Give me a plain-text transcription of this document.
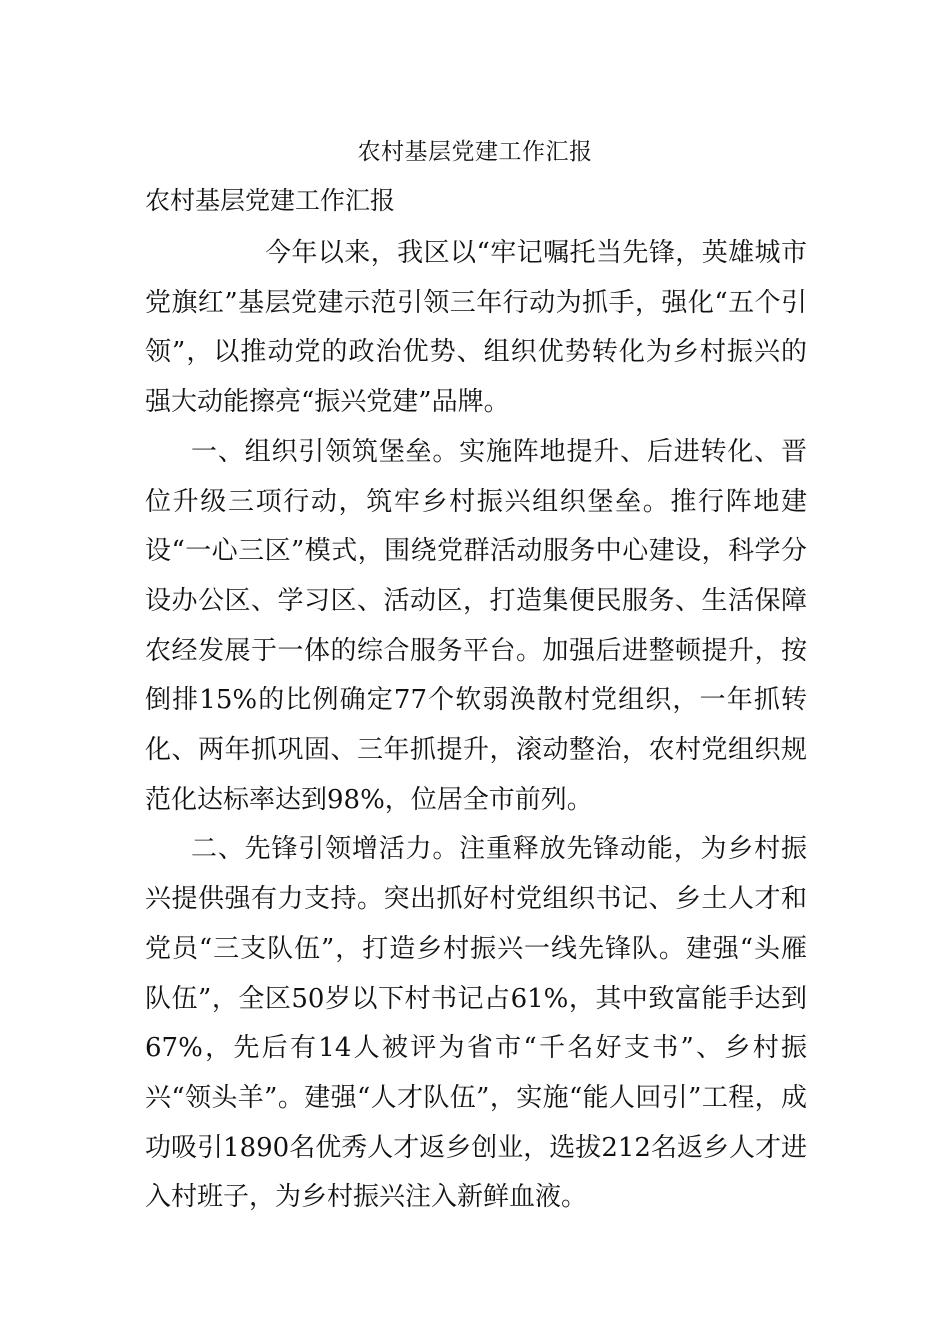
农村基层党建工作汇报
农村基层党建工作汇报

今年以来，我区以“牢记嘱托当先锋，英雄城市党旗红”基层党建示范引领三年行动为抓手，强化“五个引领”，以推动党的政治优势、组织优势转化为乡村振兴的强大动能擦亮“振兴党建”品牌。

一、组织引领筑堡垒。实施阵地提升、后进转化、晋位升级三项行动，筑牢乡村振兴组织堡垒。推行阵地建设“一心三区”模式，围绕党群活动服务中心建设，科学分设办公区、学习区、活动区，打造集便民服务、生活保障农经发展于一体的综合服务平台。加强后进整顿提升，按倒排15%的比例确定77个软弱涣散村党组织，一年抓转化、两年抓巩固、三年抓提升，滚动整治，农村党组织规范化达标率达到98%，位居全市前列。

二、先锋引领增活力。注重释放先锋动能，为乡村振兴提供强有力支持。突出抓好村党组织书记、乡土人才和党员“三支队伍”，打造乡村振兴一线先锋队。建强“头雁队伍”，全区50岁以下村书记占61%，其中致富能手达到67%，先后有14人被评为省市“千名好支书”、乡村振兴“领头羊”。建强“人才队伍”，实施“能人回引”工程，成功吸引1890名优秀人才返乡创业，选拔212名返乡人才进入村班子，为乡村振兴注入新鲜血液。
